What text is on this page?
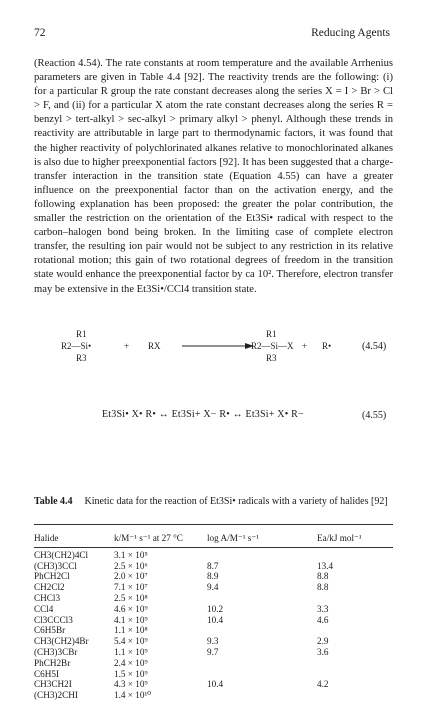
72	Reducing Agents

(Reaction 4.54). The rate constants at room temperature and the available Arrhenius parameters are given in Table 4.4 [92]. The reactivity trends are the following: (i) for a particular R group the rate constant decreases along the series X = I > Br > Cl > F, and (ii) for a particular X atom the rate constant decreases along the series R = benzyl > tert-alkyl > sec-alkyl > primary alkyl > phenyl. Although these trends in reactivity are attributable in large part to thermodynamic factors, it was found that the higher reactivity of polychlorinated alkanes relative to monochlorinated alkanes is also due to higher preexponential factors [92]. It has been suggested that a charge-transfer interaction in the transition state (Equation 4.55) can have a greater influence on the preexponential factor than on the activation energy, and the following explanation has been proposed: the greater the polar contribution, the smaller the restriction on the orientation of the Et3Si• radical with respect to the carbon–halogen bond being broken. In the limiting case of complete electron transfer, the resulting ion pair would not be subject to any restriction in its relative rotational motion; this gain of two rotational degrees of freedom in the transition state would enhance the preexponential factor by ca 10². Therefore, electron transfer may be extensive in the Et3Si•/CCl4 transition state.

R1
R2—Si•
R3
+ RX
R1
R2—Si—X
R3
+ R•	(4.54)
Et3Si• X• R• ↔ Et3Si+ X− R• ↔ Et3Si+ X• R−	(4.55)
Table 4.4 Kinetic data for the reaction of Et3Si• radicals with a variety of halides [92]
Halide	k/M⁻¹ s⁻¹ at 27 °C	log A/M⁻¹ s⁻¹	Ea/kJ mol⁻¹

CH3(CH2)4Cl	3.1 × 10⁵		
(CH3)3CCl	2.5 × 10⁶	8.7	13.4
PhCH2Cl	2.0 × 10⁷	8.9	8.8
CH2Cl2	7.1 × 10⁷	9.4	8.8
CHCl3	2.5 × 10⁸		
CCl4	4.6 × 10⁹	10.2	3.3
Cl3CCCl3	4.1 × 10⁹	10.4	4.6
C6H5Br	1.1 × 10⁸		
CH3(CH2)4Br	5.4 × 10⁹	9.3	2.9
(CH3)3CBr	1.1 × 10⁹	9.7	3.6
PhCH2Br	2.4 × 10⁹		
C6H5I	1.5 × 10⁹		
CH3CH2I	4.3 × 10⁹	10.4	4.2
(CH3)2CHI	1.4 × 10¹⁰		
